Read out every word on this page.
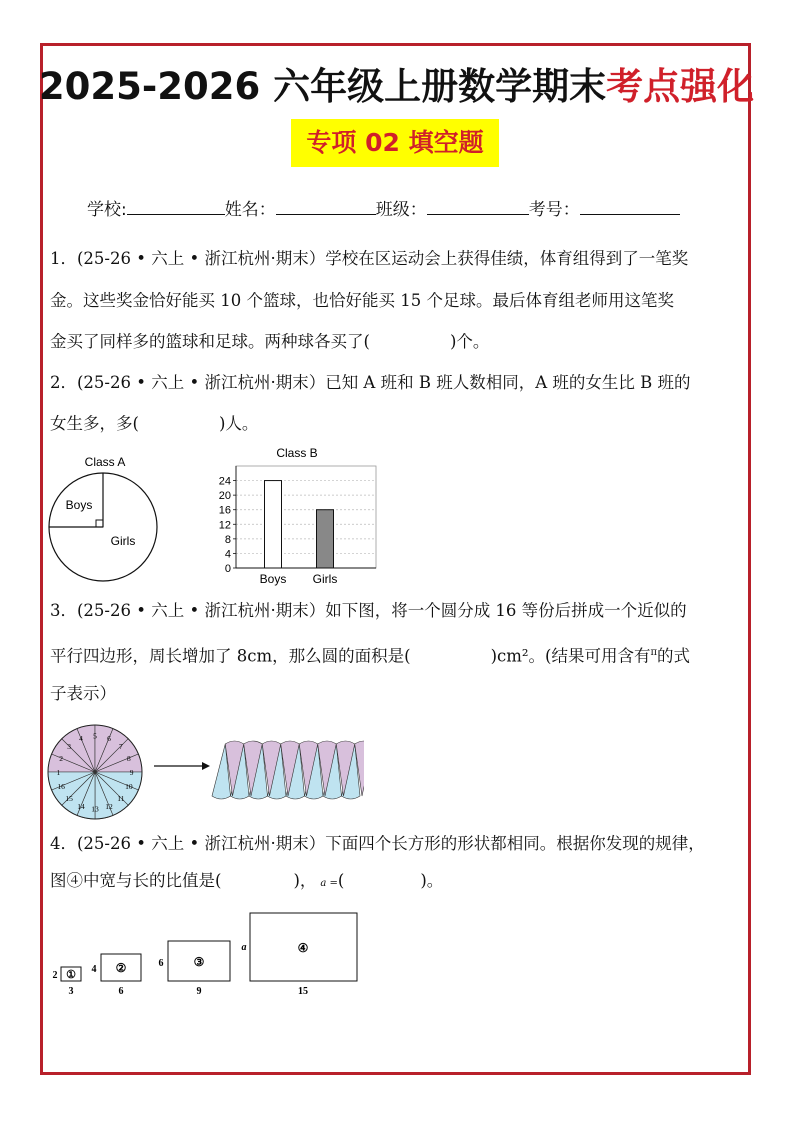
2025-2026 六年级上册数学期末考点强化
专项 02 填空题
学校:	姓名：	班级：	考号：
1．(25-26 • 六上 • 浙江杭州·期末）学校在区运动会上获得佳绩，体育组得到了一笔奖
金。这些奖金恰好能买 10 个篮球，也恰好能买 15 个足球。最后体育组老师用这笔奖
金买了同样多的篮球和足球。两种球各买了(	)个。
2．(25-26 • 六上 • 浙江杭州·期末）已知 A 班和 B 班人数相同，A 班的女生比 B 班的
女生多，多(	)人。
Class A
Boys
Girls
Class B
0
4
8
12
16
20
24
Boys Girls
3．(25-26 • 六上 • 浙江杭州·期末）如下图，将一个圆分成 16 等份后拼成一个近似的
平行四边形，周长增加了 8cm，那么圆的面积是(	)cm²。(结果可用含有$^\pi$的式
子表示）
1
2
3
4 5 6
7
8
9
10
11
12
13
14
15
16
4．(25-26 • 六上 • 浙江杭州·期末）下面四个长方形的形状都相同。根据你发现的规律，
图④中宽与长的比值是(	)， a =(	)。
①
2
3
②
4
6
③
6
9
④
a
15
